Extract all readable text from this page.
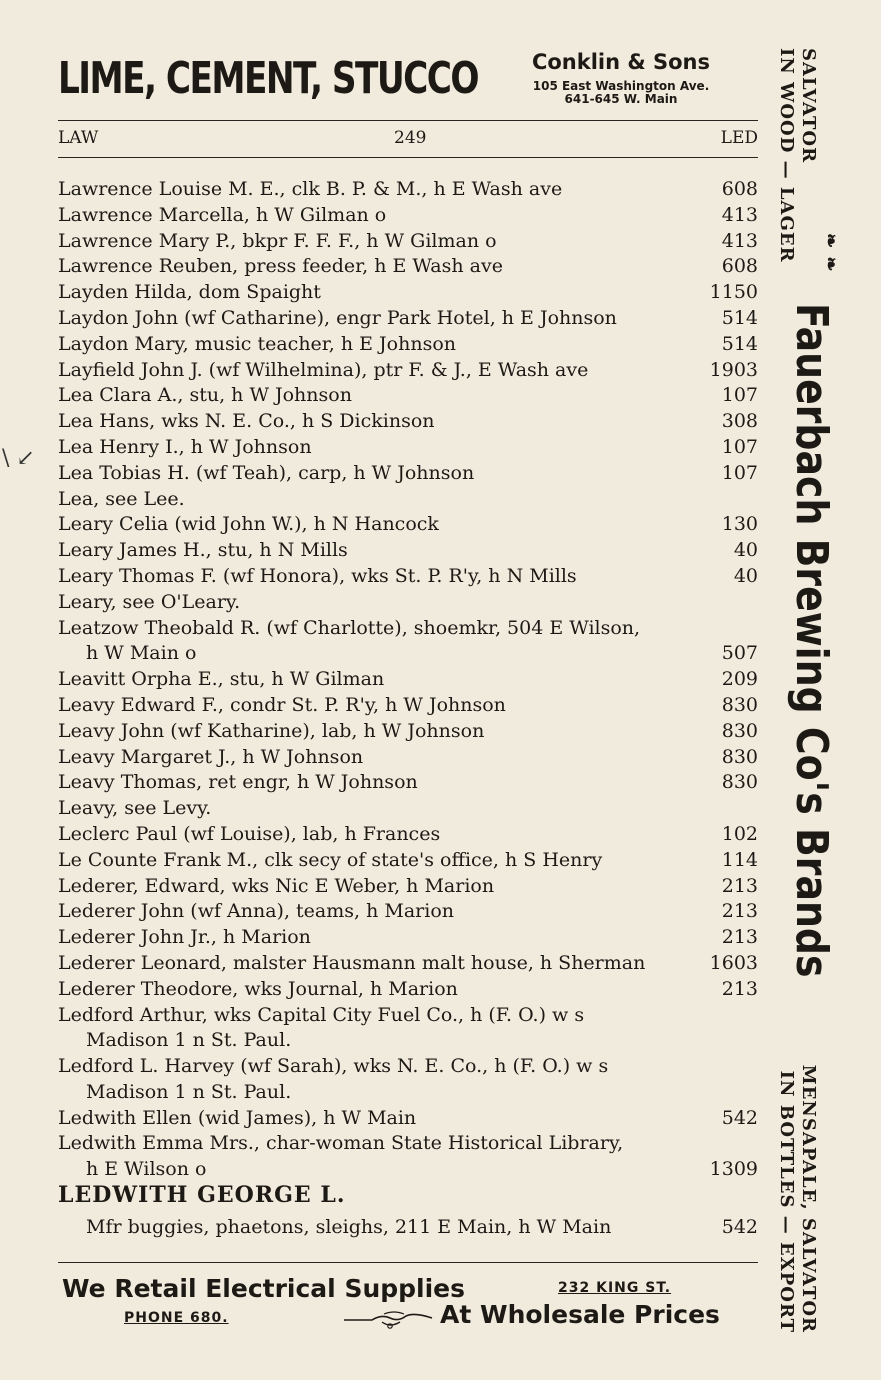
LIME, CEMENT, STUCCO	Conklin & Sons
105 East Washington Ave.
641-645 W. Main
LAW	249	LED
\ ↙
Lawrence Louise M. E., clk B. P. & M., h E Wash ave	608
Lawrence Marcella, h W Gilman o	413
Lawrence Mary P., bkpr F. F. F., h W Gilman o	413
Lawrence Reuben, press feeder, h E Wash ave	608
Layden Hilda, dom Spaight	1150
Laydon John (wf Catharine), engr Park Hotel, h E Johnson	514
Laydon Mary, music teacher, h E Johnson	514
Layfield John J. (wf Wilhelmina), ptr F. & J., E Wash ave	1903
Lea Clara A., stu, h W Johnson	107
Lea Hans, wks N. E. Co., h S Dickinson	308
Lea Henry I., h W Johnson	107
Lea Tobias H. (wf Teah), carp, h W Johnson	107
Lea, see Lee.
Leary Celia (wid John W.), h N Hancock	130
Leary James H., stu, h N Mills	40
Leary Thomas F. (wf Honora), wks St. P. R'y, h N Mills	40
Leary, see O'Leary.
Leatzow Theobald R. (wf Charlotte), shoemkr, 504 E Wilson,
h W Main o	507
Leavitt Orpha E., stu, h W Gilman	209
Leavy Edward F., condr St. P. R'y, h W Johnson	830
Leavy John (wf Katharine), lab, h W Johnson	830
Leavy Margaret J., h W Johnson	830
Leavy Thomas, ret engr, h W Johnson	830
Leavy, see Levy.
Leclerc Paul (wf Louise), lab, h Frances	102
Le Counte Frank M., clk secy of state's office, h S Henry	114
Lederer, Edward, wks Nic E Weber, h Marion	213
Lederer John (wf Anna), teams, h Marion	213
Lederer John Jr., h Marion	213
Lederer Leonard, malster Hausmann malt house, h Sherman	1603
Lederer Theodore, wks Journal, h Marion	213
Ledford Arthur, wks Capital City Fuel Co., h (F. O.) w s
Madison 1 n St. Paul.
Ledford L. Harvey (wf Sarah), wks N. E. Co., h (F. O.) w s
Madison 1 n St. Paul.
Ledwith Ellen (wid James), h W Main	542
Ledwith Emma Mrs., char-woman State Historical Library,
h E Wilson o	1309
LEDWITH GEORGE L.
Mfr buggies, phaetons, sleighs, 211 E Main, h W Main	542
IN WOOD — LAGER
IN BOTTLES — EXPORT
SALVATOR
MENSAPALE, SALVATOR
❧ ❧
Fauerbach Brewing Co's Brands
We Retail Electrical Supplies	232 KING ST.
PHONE 680.	At Wholesale Prices
